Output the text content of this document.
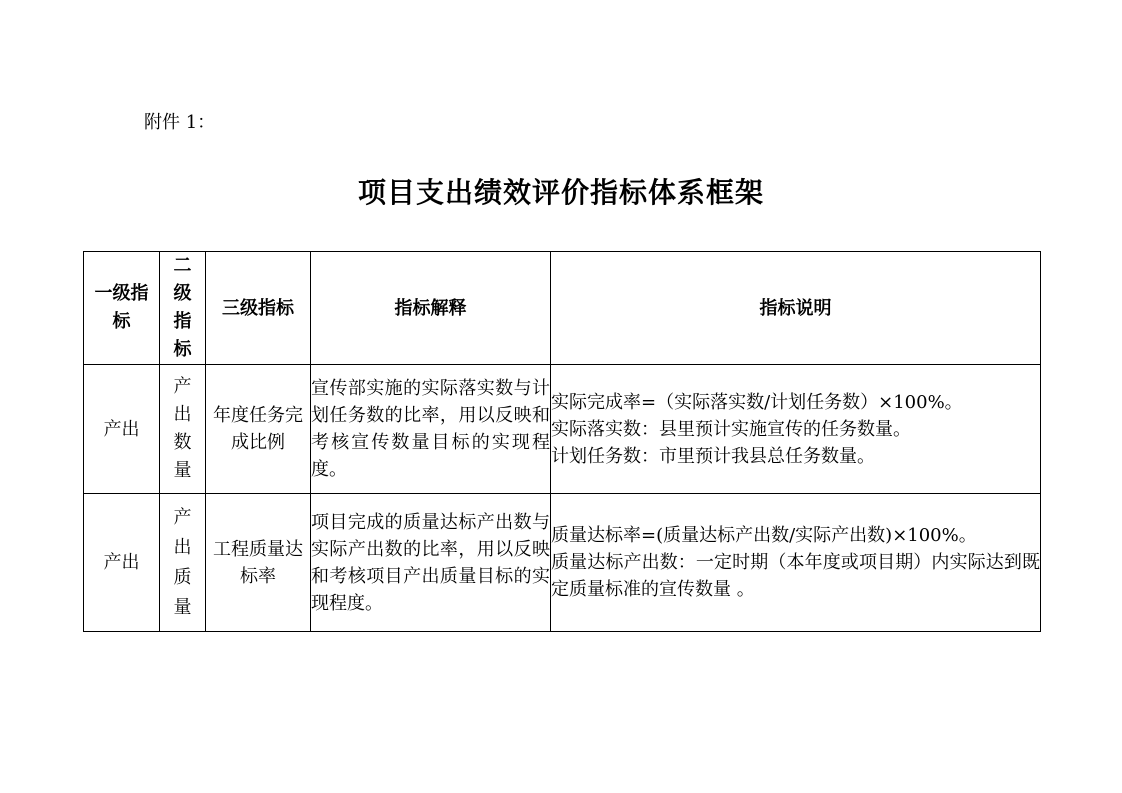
附件 1：
项目支出绩效评价指标体系框架
一级指标	二级指标	三级指标	指标解释	指标说明
产出	产出数量	年度任务完成比例	宣传部实施的实际落实数与计划任务数的比率，用以反映和考核宣传数量目标的实现程度。	实际完成率=（实际落实数/计划任务数）×100%。
实际落实数：县里预计实施宣传的任务数量。
计划任务数：市里预计我县总任务数量。

产出	产出质量	工程质量达标率	项目完成的质量达标产出数与实际产出数的比率，用以反映和考核项目产出质量目标的实现程度。	质量达标率=(质量达标产出数/实际产出数)×100%。
质量达标产出数：一定时期（本年度或项目期）内实际达到既定质量标准的宣传数量 。
